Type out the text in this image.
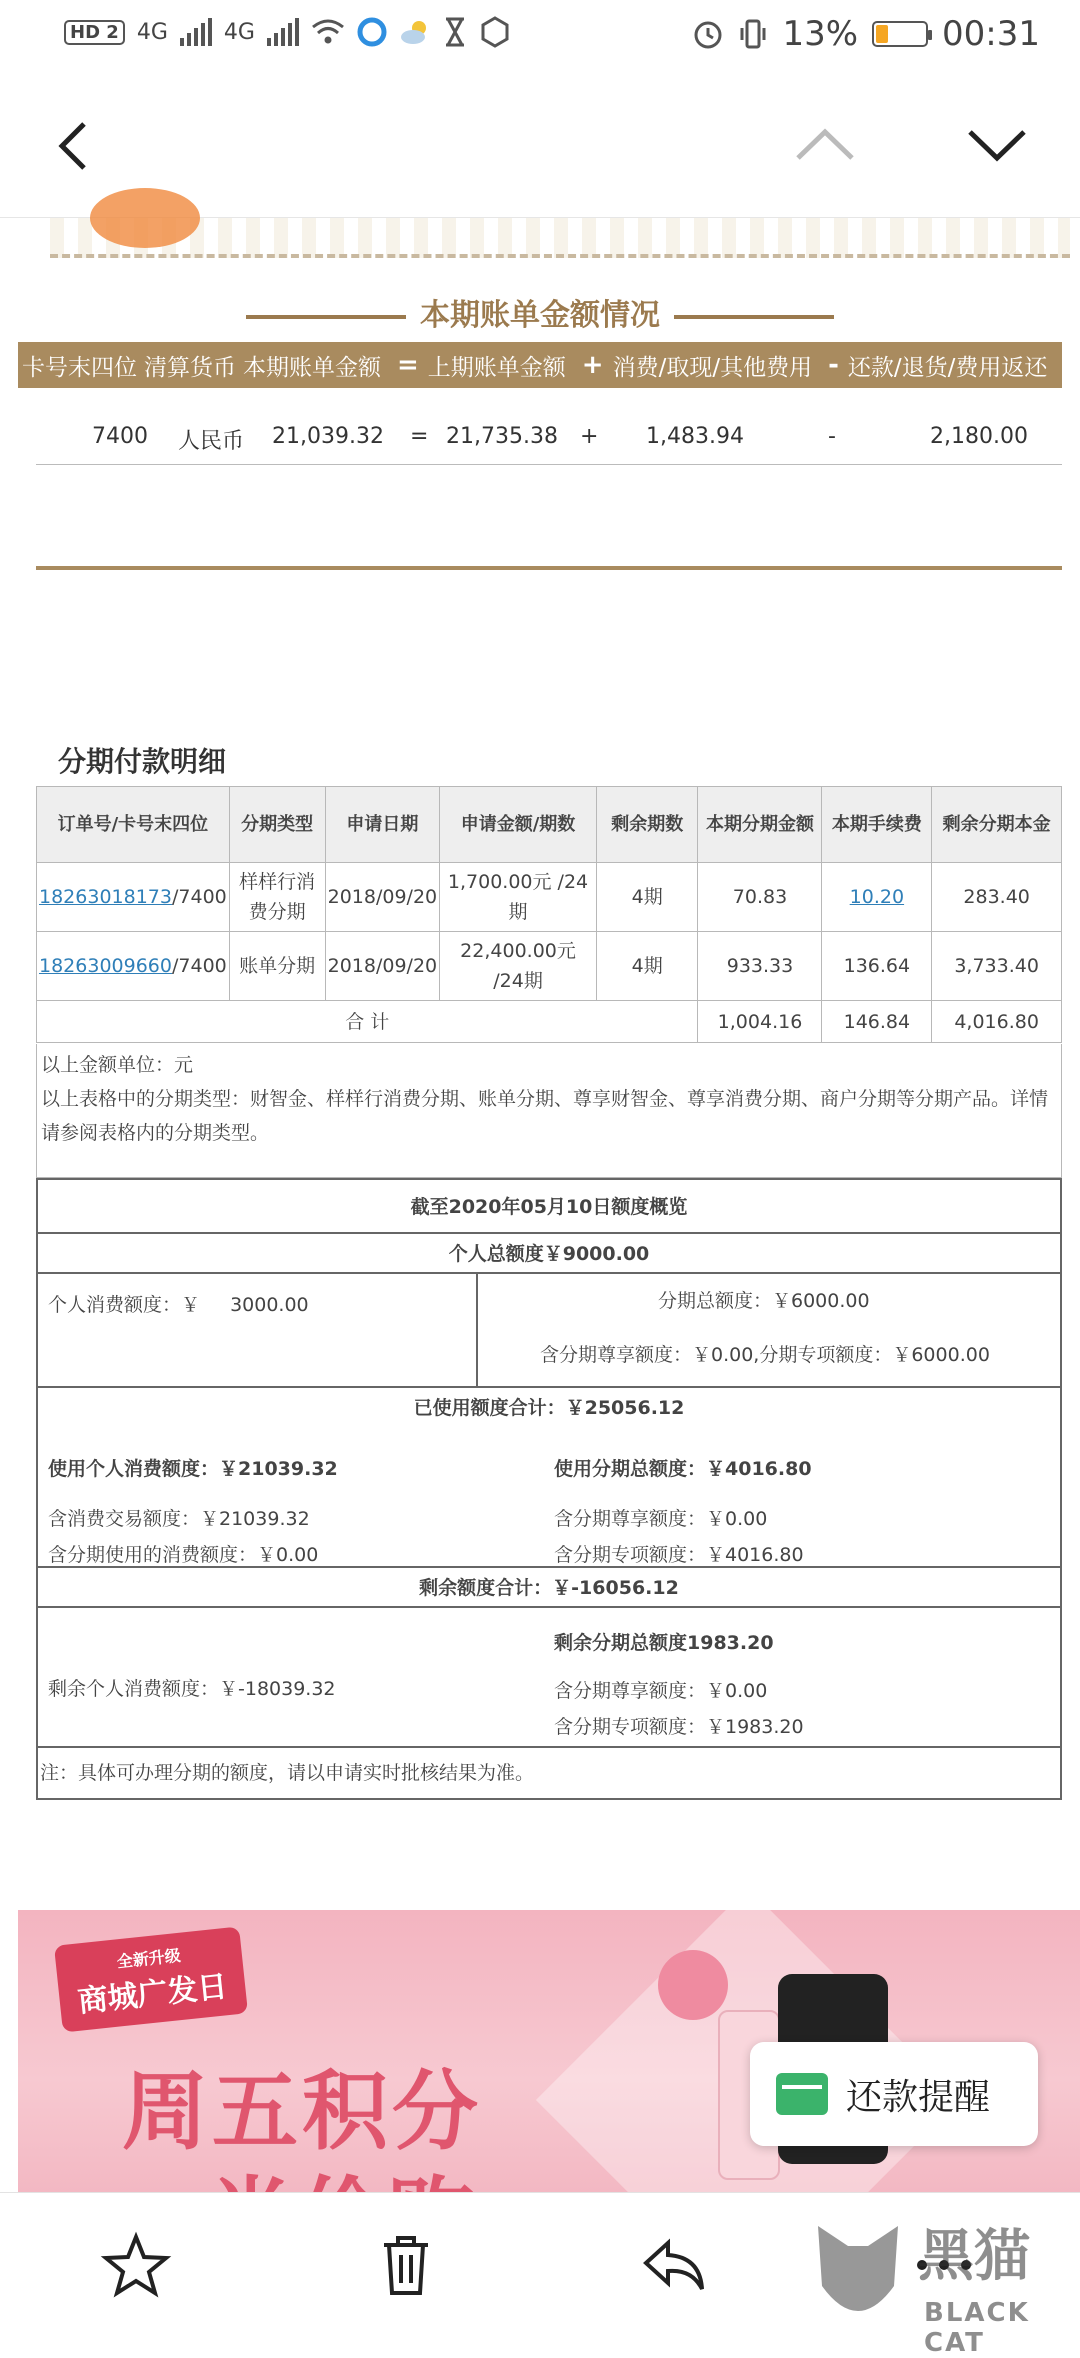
HD 2 4G	4G	13% 00:31
本期账单金额情况
卡号末四位 清算货币 本期账单金额 = 上期账单金额 + 消费/取现/其他费用 - 还款/退货/费用返还
7400 人民币 21,039.32 = 21,735.38 + 1,483.94	-	2,180.00
分期付款明细
订单号/卡号末四位	分期类型	申请日期	申请金额/期数	剩余期数	本期分期金额	本期手续费	剩余分期本金
18263018173/7400	样样行消费分期	2018/09/20	1,700.00元 /24期	4期	70.83	10.20	283.40
18263009660/7400	账单分期	2018/09/20	22,400.00元 /24期	4期	933.33	136.64	3,733.40
合 计					1,004.16	146.84	4,016.80
以上金额单位：元
以上表格中的分期类型：财智金、样样行消费分期、账单分期、尊享财智金、尊享消费分期、商户分期等分期产品。详情请参阅表格内的分期类型。
截至2020年05月10日额度概览
个人总额度￥9000.00
个人消费额度：￥ 3000.00	分期总额度：￥6000.00
含分期尊享额度：￥0.00,分期专项额度：￥6000.00
已使用额度合计：￥25056.12
使用个人消费额度：￥21039.32	使用分期总额度：￥4016.80
含消费交易额度：￥21039.32	含分期尊享额度：￥0.00
含分期使用的消费额度：￥0.00	含分期专项额度：￥4016.80
剩余额度合计：￥-16056.12
剩余分期总额度1983.20
剩余个人消费额度：￥-18039.32	含分期尊享额度：￥0.00
含分期专项额度：￥1983.20
注：具体可办理分期的额度，请以申请实时批核结果为准。
全新升级
商城广发日
周五积分	还款提醒
黑猫
BLACK CAT
